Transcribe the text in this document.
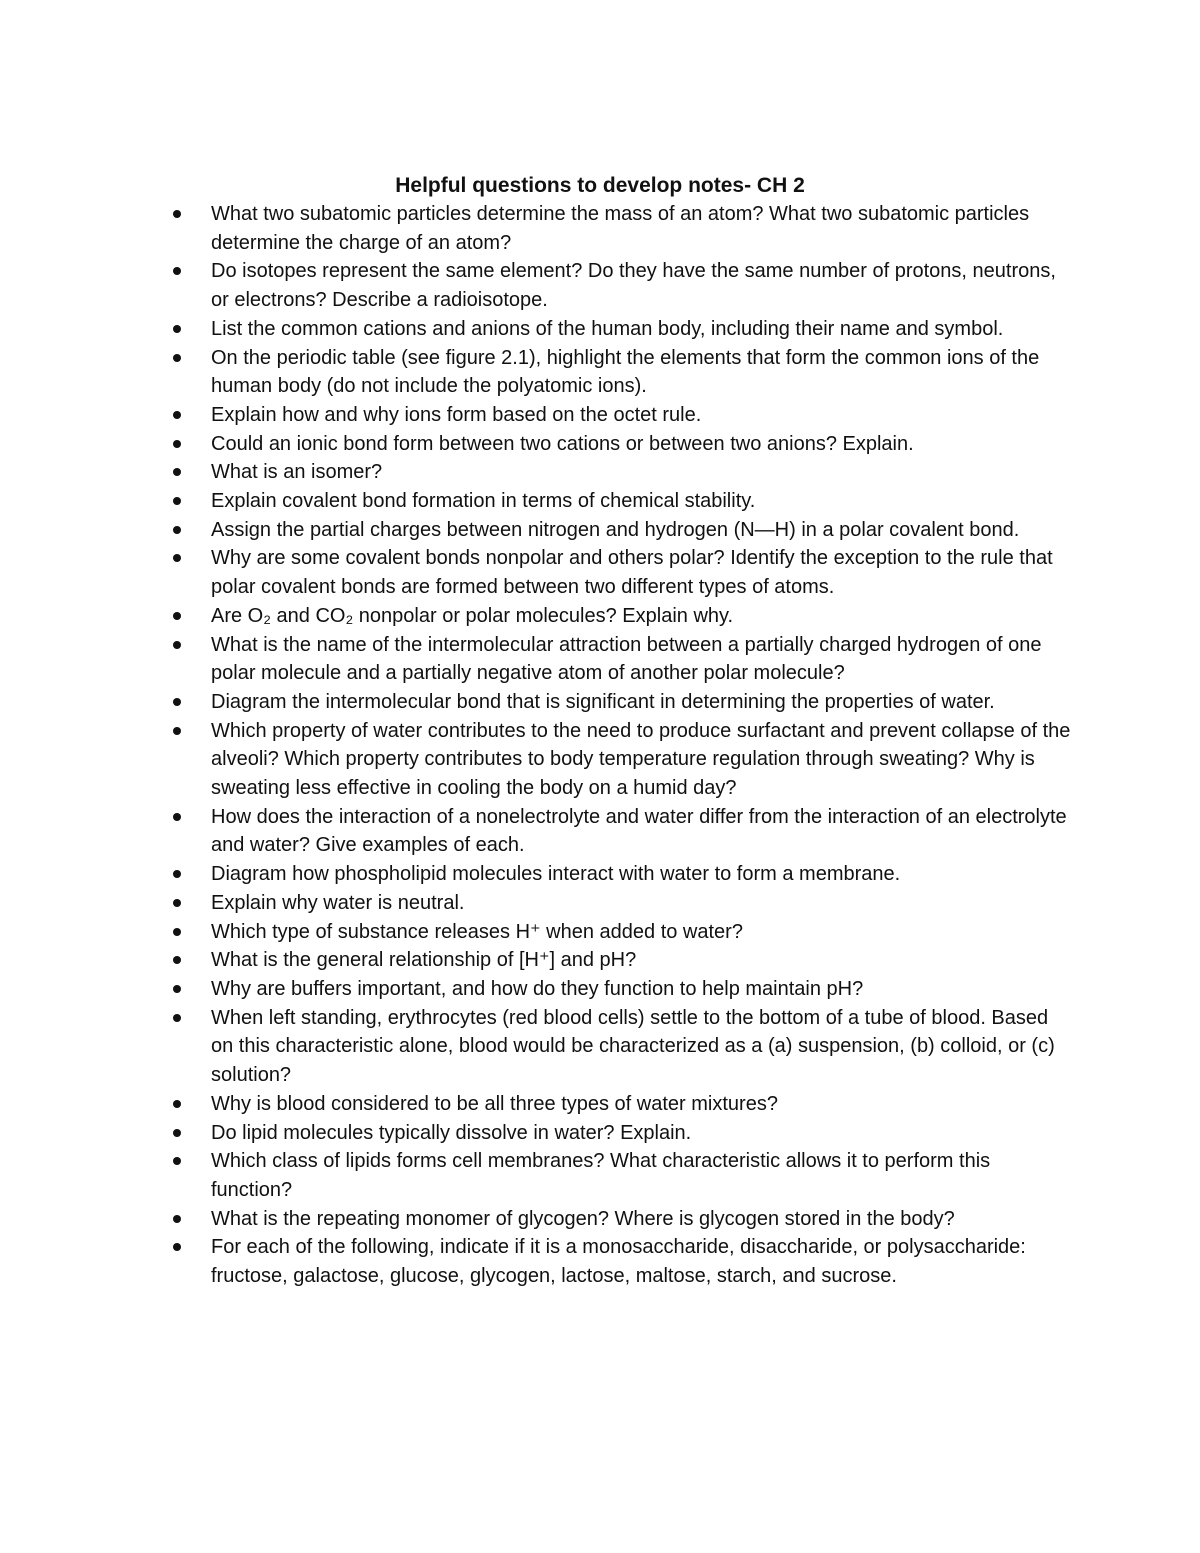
Helpful questions to develop notes- CH 2
What two subatomic particles determine the mass of an atom? What two subatomic particles determine the charge of an atom?
Do isotopes represent the same element? Do they have the same number of protons, neutrons, or electrons? Describe a radioisotope.
List the common cations and anions of the human body, including their name and symbol.
On the periodic table (see figure 2.1), highlight the elements that form the common ions of the human body (do not include the polyatomic ions).
Explain how and why ions form based on the octet rule.
Could an ionic bond form between two cations or between two anions? Explain.
What is an isomer?
Explain covalent bond formation in terms of chemical stability.
Assign the partial charges between nitrogen and hydrogen (N—H) in a polar covalent bond.
Why are some covalent bonds nonpolar and others polar? Identify the exception to the rule that polar covalent bonds are formed between two different types of atoms.
Are O₂ and CO₂ nonpolar or polar molecules? Explain why.
What is the name of the intermolecular attraction between a partially charged hydrogen of one polar molecule and a partially negative atom of another polar molecule?
Diagram the intermolecular bond that is significant in determining the properties of water.
Which property of water contributes to the need to produce surfactant and prevent collapse of the alveoli? Which property contributes to body temperature regulation through sweating? Why is sweating less effective in cooling the body on a humid day?
How does the interaction of a nonelectrolyte and water differ from the interaction of an electrolyte and water? Give examples of each.
Diagram how phospholipid molecules interact with water to form a membrane.
Explain why water is neutral.
Which type of substance releases H⁺ when added to water?
What is the general relationship of [H⁺] and pH?
Why are buffers important, and how do they function to help maintain pH?
When left standing, erythrocytes (red blood cells) settle to the bottom of a tube of blood. Based on this characteristic alone, blood would be characterized as a (a) suspension, (b) colloid, or (c) solution?
Why is blood considered to be all three types of water mixtures?
Do lipid molecules typically dissolve in water? Explain.
Which class of lipids forms cell membranes? What characteristic allows it to perform this function?
What is the repeating monomer of glycogen? Where is glycogen stored in the body?
For each of the following, indicate if it is a monosaccharide, disaccharide, or polysaccharide: fructose, galactose, glucose, glycogen, lactose, maltose, starch, and sucrose.
